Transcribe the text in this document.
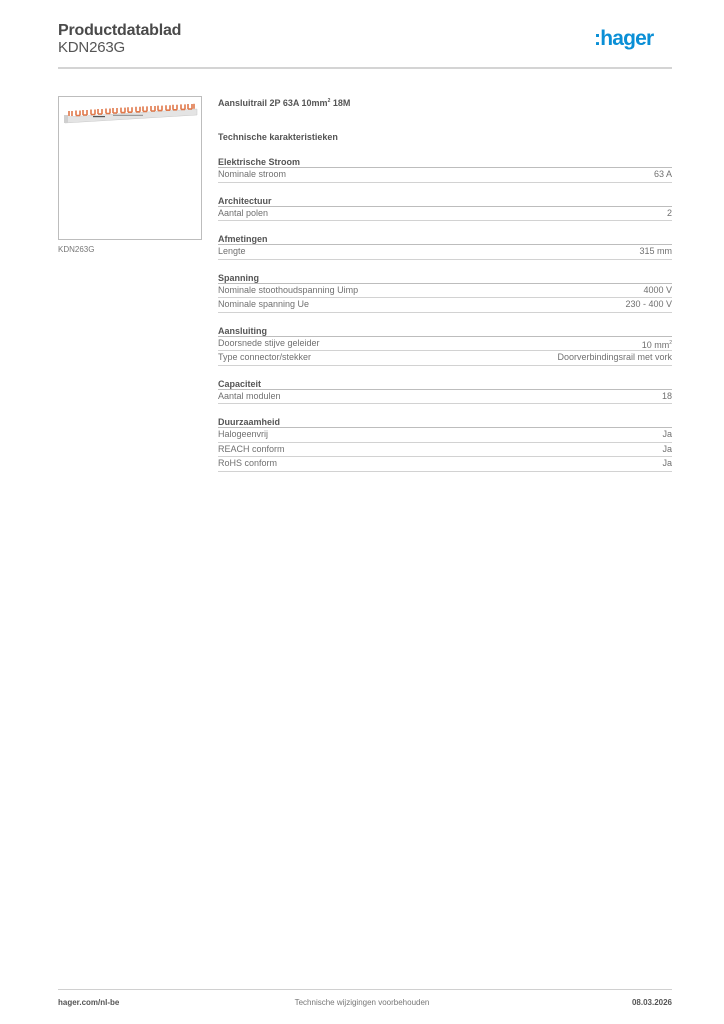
Productdatablad
KDN263G	:hager
KDN263G
Aansluitrail 2P 63A $10mm^2$ 18M
Technische karakteristieken
Elektrische Stroom
Nominale stroom	63 A
Architectuur
Aantal polen	2
Afmetingen
Lengte	315 mm
Spanning
Nominale stoothoudspanning Uimp	4000 V
Nominale spanning Ue	230 - 400 V
Aansluiting
Doorsnede stijve geleider	10 $mm^2$
Type connector/stekker	Doorverbindingsrail met vork
Capaciteit
Aantal modulen	18
Duurzaamheid
Halogeenvrij	Ja
REACH conform	Ja
RoHS conform	Ja
hager.com/nl-be	Technische wijzigingen voorbehouden	08.03.2026
